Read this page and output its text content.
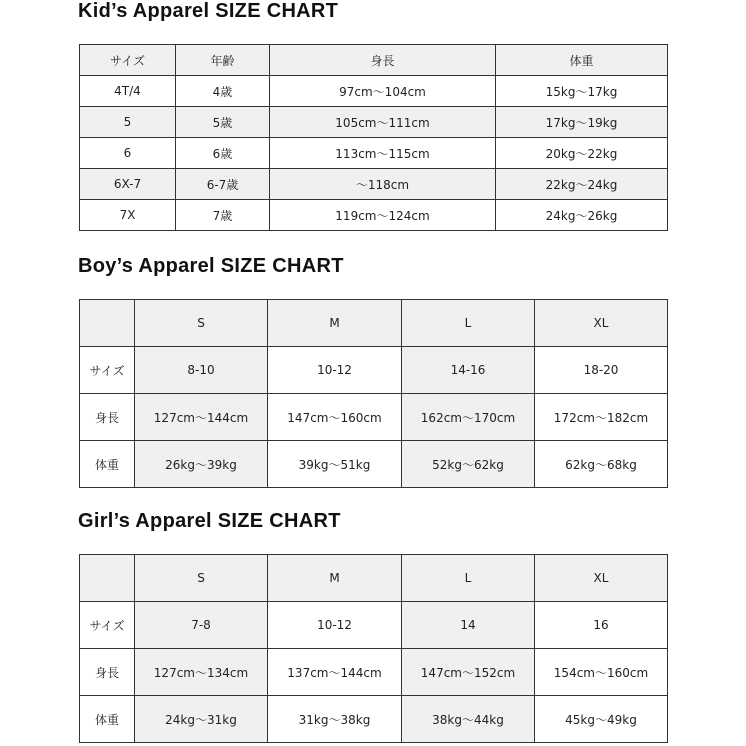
Kid’s Apparel SIZE CHART
サイズ	年齢	身長	体重
4T/4	4歳	97cm〜104cm	15kg〜17kg
5	5歳	105cm〜111cm	17kg〜19kg
6	6歳	113cm〜115cm	20kg〜22kg
6X-7	6-7歳	〜118cm	22kg〜24kg
7X	7歳	119cm〜124cm	24kg〜26kg
Boy’s Apparel SIZE CHART
	S	M	L	XL
サイズ	8-10	10-12	14-16	18-20
身長	127cm〜144cm	147cm〜160cm	162cm〜170cm	172cm〜182cm
体重	26kg〜39kg	39kg〜51kg	52kg〜62kg	62kg〜68kg
Girl’s Apparel SIZE CHART
	S	M	L	XL
サイズ	7-8	10-12	14	16
身長	127cm〜134cm	137cm〜144cm	147cm〜152cm	154cm〜160cm
体重	24kg〜31kg	31kg〜38kg	38kg〜44kg	45kg〜49kg
